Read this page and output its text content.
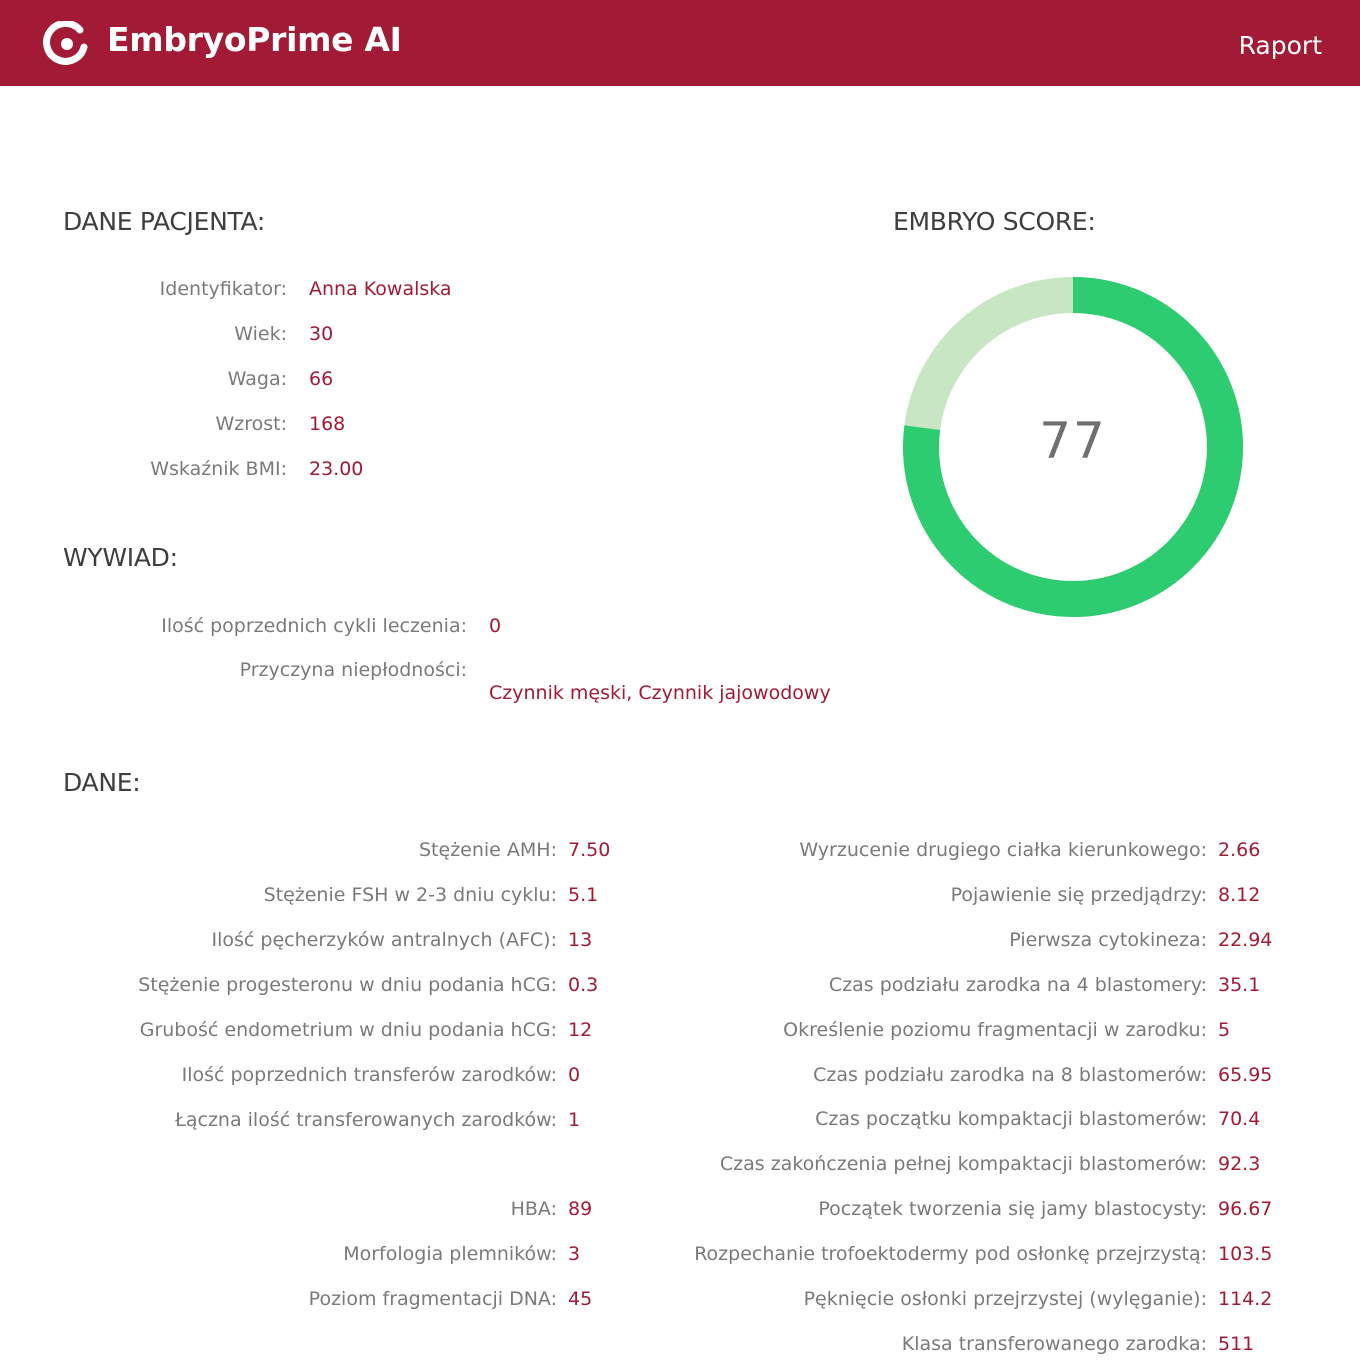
EmbryoPrime AI	Raport
DANE PACJENTA:
Identyfikator: Anna Kowalska
Wiek: 30
Waga: 66
Wzrost: 168
Wskaźnik BMI: 23.00
WYWIAD:
Ilość poprzednich cykli leczenia: 0
Przyczyna niepłodności:
Czynnik męski, Czynnik jajowodowy
EMBRYO SCORE:
77
DANE:
Stężenie AMH: 7.50
Stężenie FSH w 2-3 dniu cyklu: 5.1
Ilość pęcherzyków antralnych (AFC): 13
Stężenie progesteronu w dniu podania hCG: 0.3
Grubość endometrium w dniu podania hCG: 12
Ilość poprzednich transferów zarodków: 0
Łączna ilość transferowanych zarodków: 1
HBA: 89
Morfologia plemników: 3
Poziom fragmentacji DNA: 45
Wyrzucenie drugiego ciałka kierunkowego: 2.66
Pojawienie się przedjądrzy: 8.12
Pierwsza cytokineza: 22.94
Czas podziału zarodka na 4 blastomery: 35.1
Określenie poziomu fragmentacji w zarodku: 5
Czas podziału zarodka na 8 blastomerów: 65.95
Czas początku kompaktacji blastomerów: 70.4
Czas zakończenia pełnej kompaktacji blastomerów: 92.3
Początek tworzenia się jamy blastocysty: 96.67
Rozpechanie trofoektodermy pod osłonkę przejrzystą: 103.5
Pęknięcie osłonki przejrzystej (wylęganie): 114.2
Klasa transferowanego zarodka: 511
